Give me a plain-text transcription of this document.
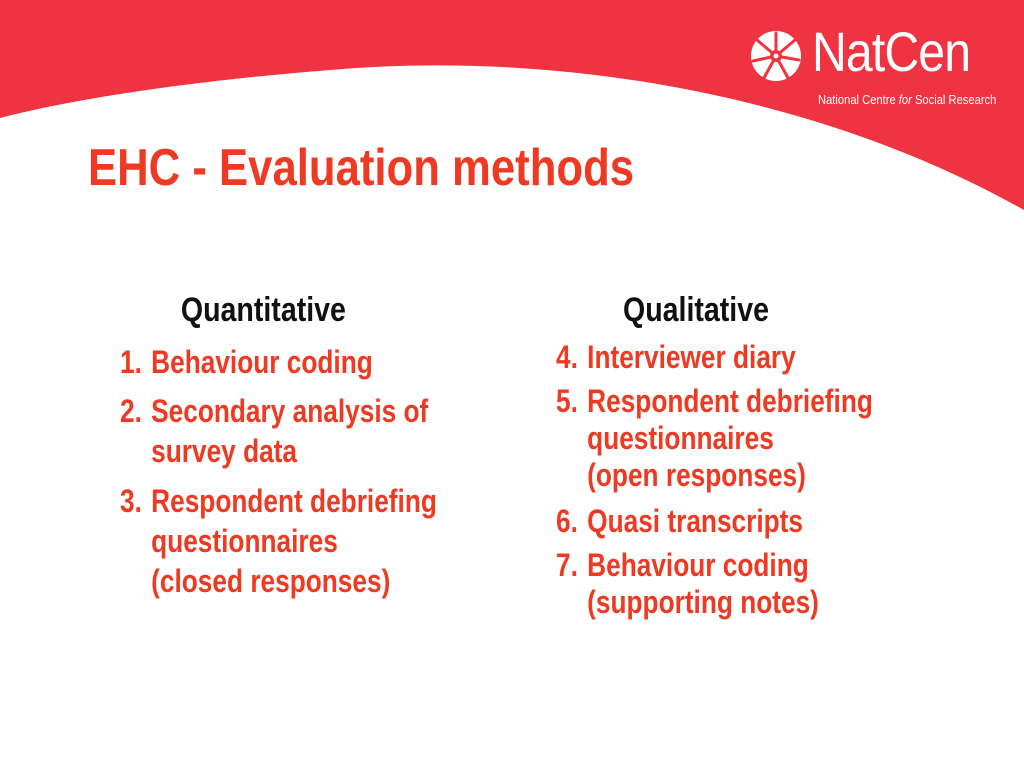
NatCen
National Centre for Social Research
EHC - Evaluation methods
Quantitative	Qualitative
1. Behaviour coding
2. Secondary analysis of
survey data
3. Respondent debriefing
questionnaires
(closed responses)
4. Interviewer diary
5. Respondent debriefing
questionnaires
(open responses)
6. Quasi transcripts
7. Behaviour coding
(supporting notes)
